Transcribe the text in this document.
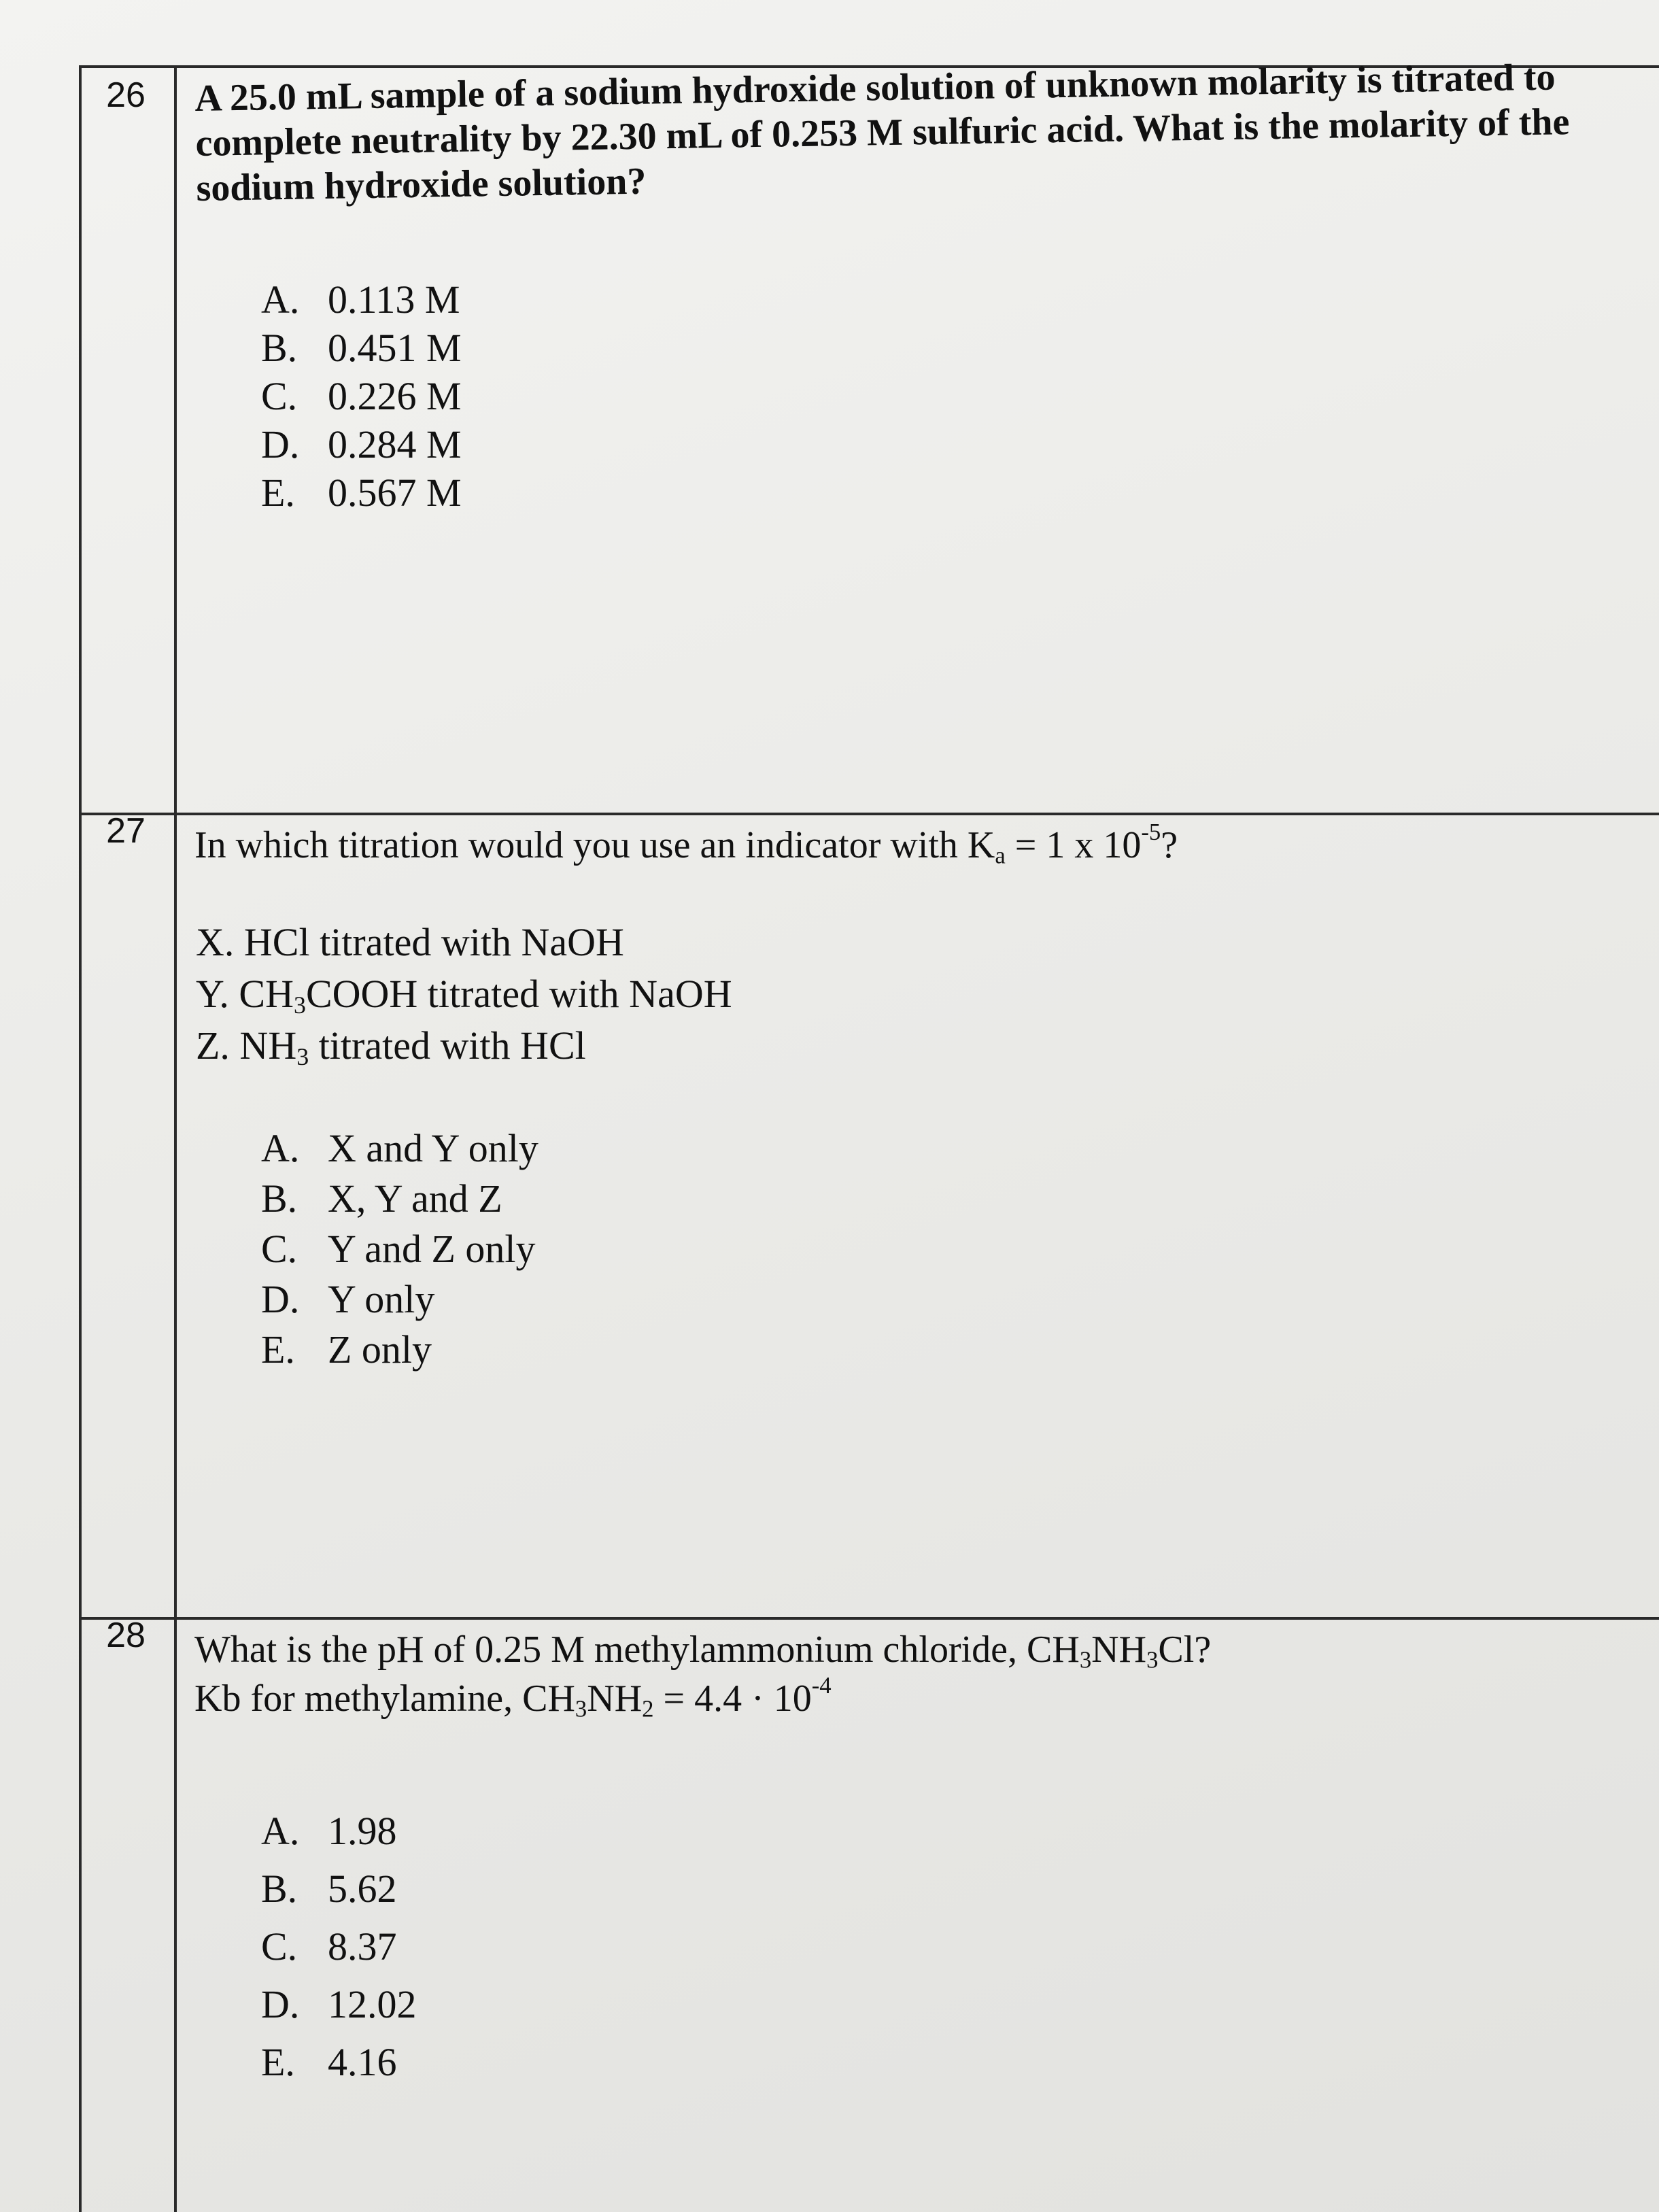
26 A 25.0 mL sample of a sodium hydroxide solution of unknown molarity is titrated to

complete neutrality by 22.30 mL of 0.253 M sulfuric acid. What is the molarity of the

sodium hydroxide solution?

A. 0.113 M
B. 0.451 M
C. 0.226 M
D. 0.284 M
E. 0.567 M
27 In which titration would you use an indicator with $K_a = 1$ x $10^{-5}$?

X. HCl titrated with NaOH
Y. $CH_3COOH$ titrated with NaOH
Z. $NH_3$ titrated with HCl
A. X and Y only
B. X, Y and Z
C. Y and Z only
D. Y only
E. Z only
28 What is the pH of 0.25 M methylammonium chloride, $CH_3NH_3Cl$?

Kb for methylamine, $CH_3NH_2 = 4.4 \cdot 10^{-4}$

A. 1.98
B. 5.62
C. 8.37
D. 12.02
E. 4.16
